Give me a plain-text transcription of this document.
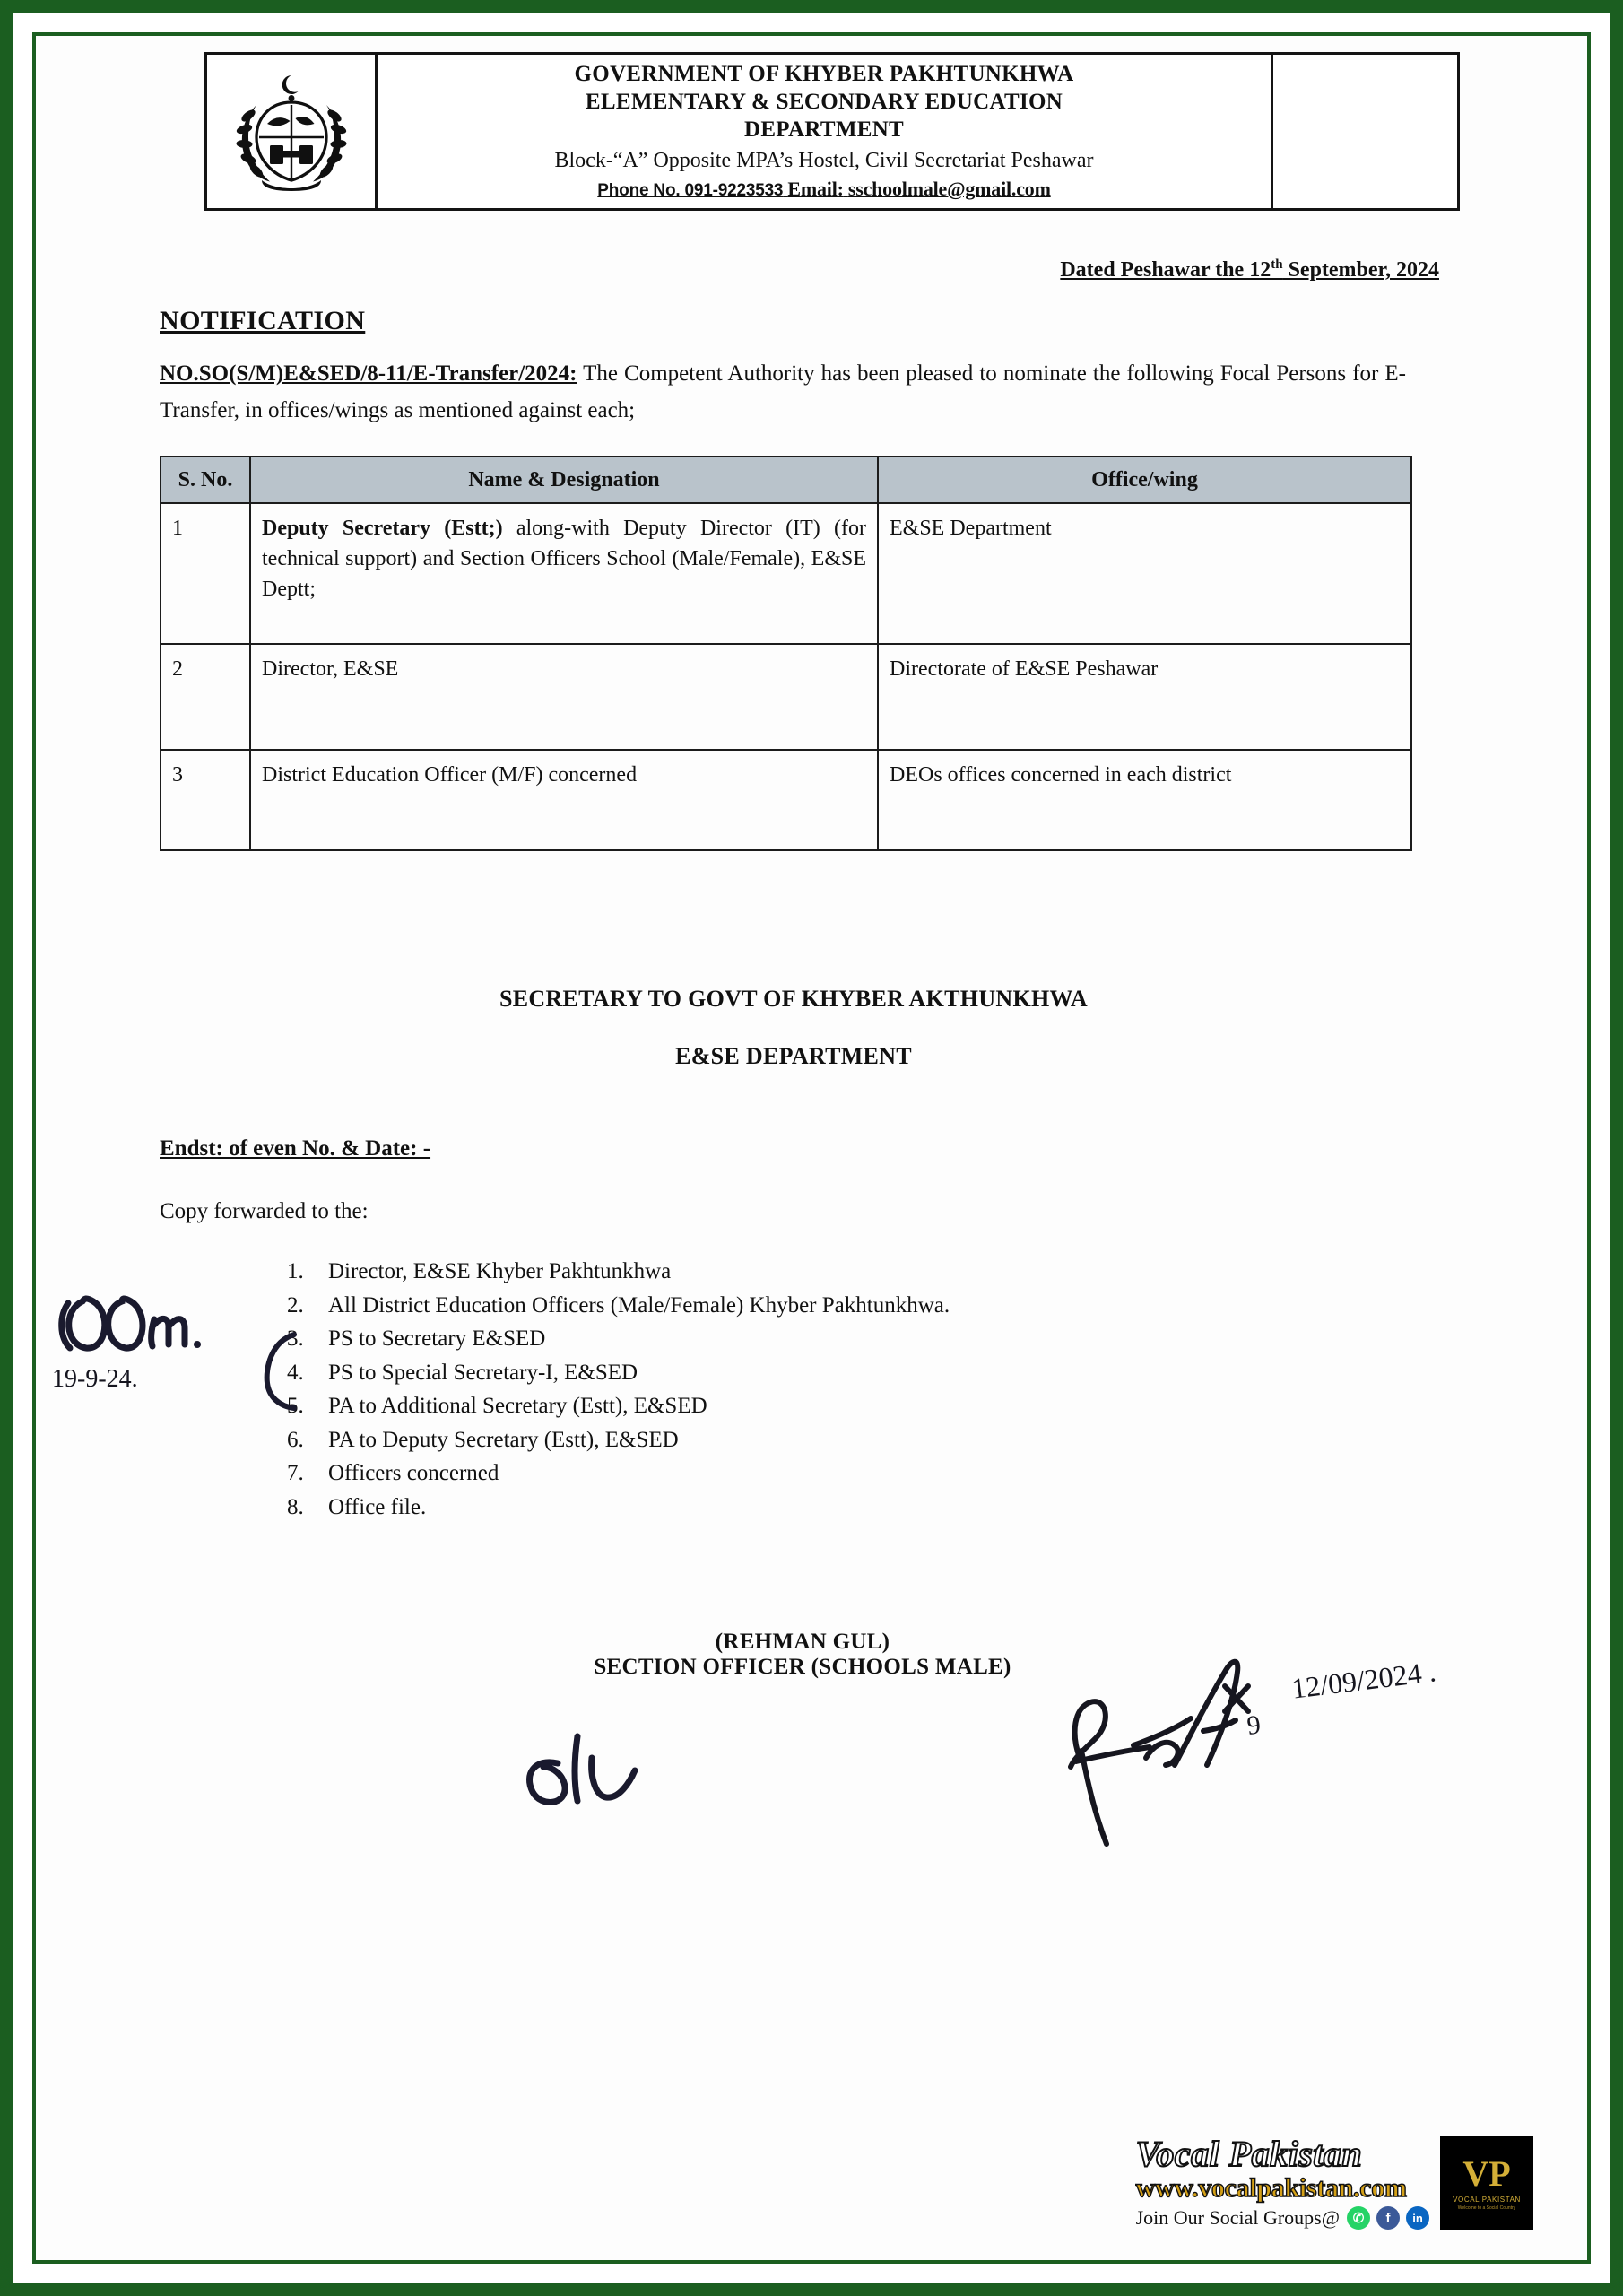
GOVERNMENT OF KHYBER PAKHTUNKHWA
ELEMENTARY & SECONDARY EDUCATION
DEPARTMENT
Block-“A” Opposite MPA’s Hostel, Civil Secretariat Peshawar
Phone No. 091-9223533 Email: sschoolmale@gmail.com
Dated Peshawar the 12th September, 2024
NOTIFICATION

NO.SO(S/M)E&SED/8-11/E-Transfer/2024: The Competent Authority has been pleased to nominate the following Focal Persons for E-Transfer, in offices/wings as mentioned against each;

S. No.	Name & Designation	Office/wing
1	Deputy Secretary (Estt;) along-with Deputy Director (IT) (for technical support) and Section Officers School (Male/Female), E&SE Deptt;	E&SE Department
2	Director, E&SE	Directorate of E&SE Peshawar
3	District Education Officer (M/F) concerned	DEOs offices concerned in each district
SECRETARY TO GOVT OF KHYBER AKTHUNKHWA
E&SE DEPARTMENT
Endst: of even No. & Date: -
Copy forwarded to the:
1.	Director, E&SE Khyber Pakhtunkhwa
2.	All District Education Officers (Male/Female) Khyber Pakhtunkhwa.
3.	PS to Secretary E&SED
4.	PS to Special Secretary-I, E&SED
5.	PA to Additional Secretary (Estt), E&SED
6.	PA to Deputy Secretary (Estt), E&SED
7.	Officers concerned
8.	Office file.
(REHMAN GUL)
SECTION OFFICER (SCHOOLS MALE)
19-9-24.
9
12/09/2024 .
Vocal Pakistan
www.vocalpakistan.com
Join Our Social Groups@ ✆	f	in
VP
VOCAL PAKISTAN
Welcome to a Social Country
